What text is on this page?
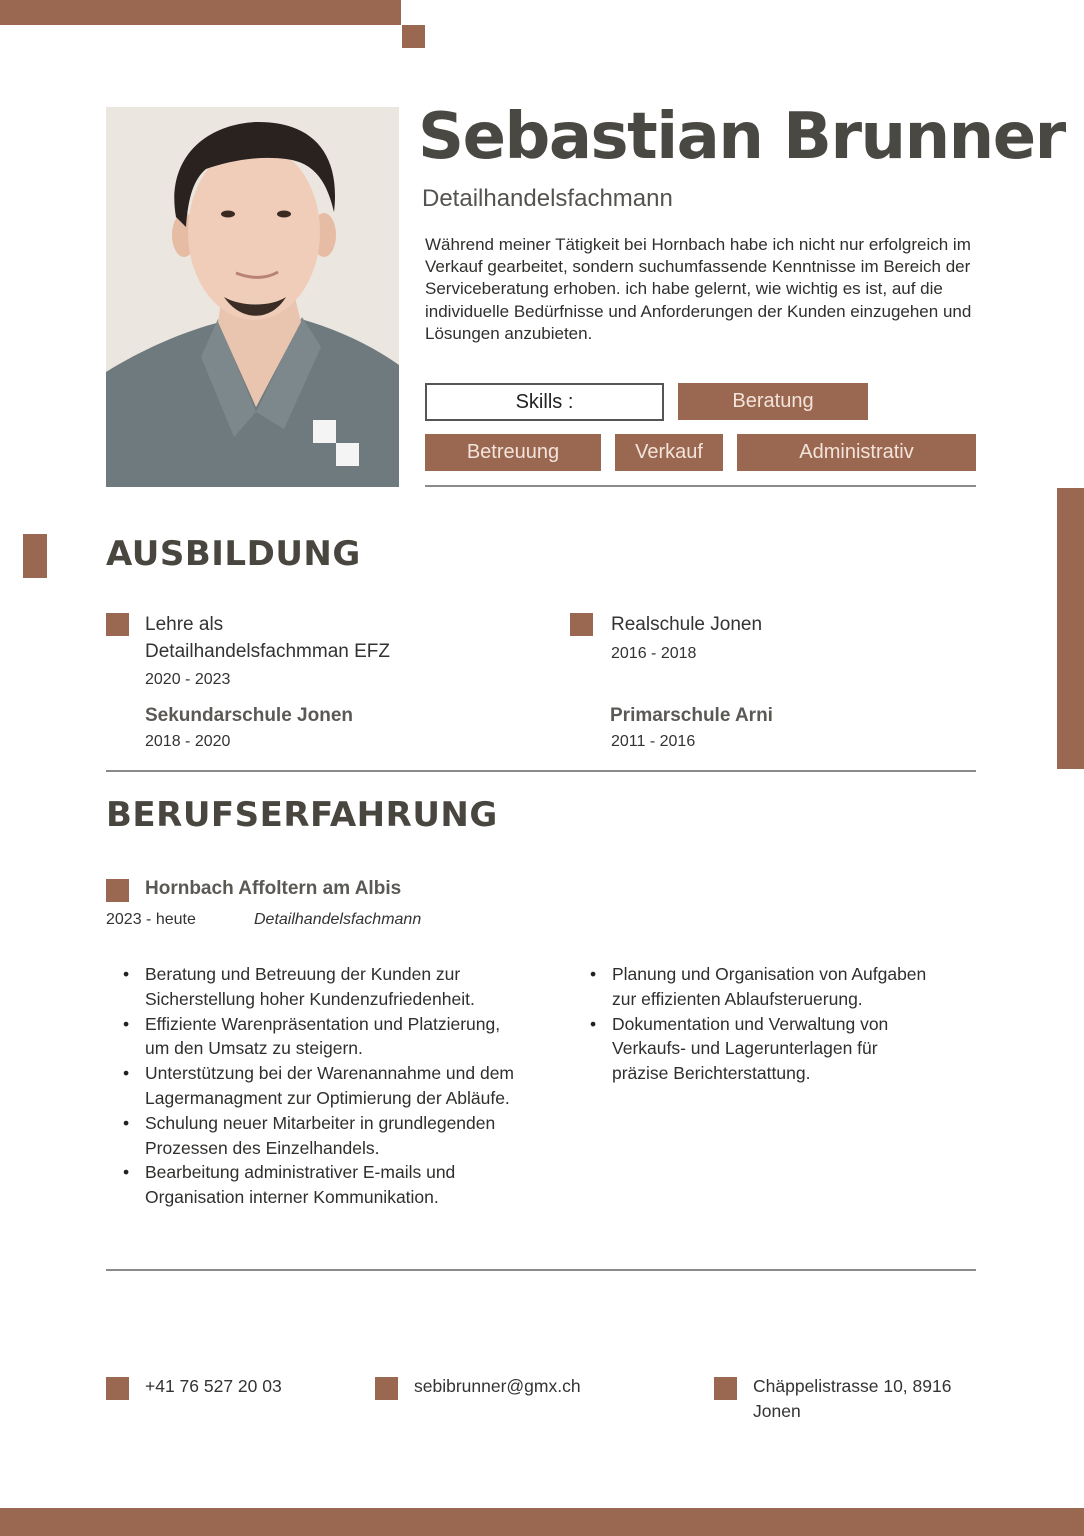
Sebastian Brunner
Detailhandelsfachmann
Während meiner Tätigkeit bei Hornbach habe ich nicht nur erfolgreich im Verkauf gearbeitet, sondern suchumfassende Kenntnisse im Bereich der Serviceberatung erhoben. ich habe gelernt, wie wichtig es ist, auf die individuelle Bedürfnisse und Anforderungen der Kunden einzugehen und Lösungen anzubieten.
Skills :	Beratung
Betreuung	Verkauf	Administrativ
AUSBILDUNG
Lehre als
Detailhandelsfachmman EFZ
2020 - 2023
Sekundarschule Jonen
2018 - 2020
Realschule Jonen
2016 - 2018
Primarschule Arni
2011 - 2016
BERUFSERFAHRUNG
Hornbach Affoltern am Albis
2023 - heute	Detailhandelsfachmann
• Beratung und Betreuung der Kunden zur Sicherstellung hoher Kundenzufriedenheit.
• Effiziente Warenpräsentation und Platzierung, um den Umsatz zu steigern.
• Unterstützung bei der Warenannahme und dem Lagermanagment zur Optimierung der Abläufe.
• Schulung neuer Mitarbeiter in grundlegenden Prozessen des Einzelhandels.
• Bearbeitung administrativer E-mails und Organisation interner Kommunikation.
• Planung und Organisation von Aufgaben zur effizienten Ablaufsteruerung.
• Dokumentation und Verwaltung von Verkaufs- und Lagerunterlagen für präzise Berichterstattung.
+41 76 527 20 03	sebibrunner@gmx.ch	Chäppelistrasse 10, 8916
Jonen
